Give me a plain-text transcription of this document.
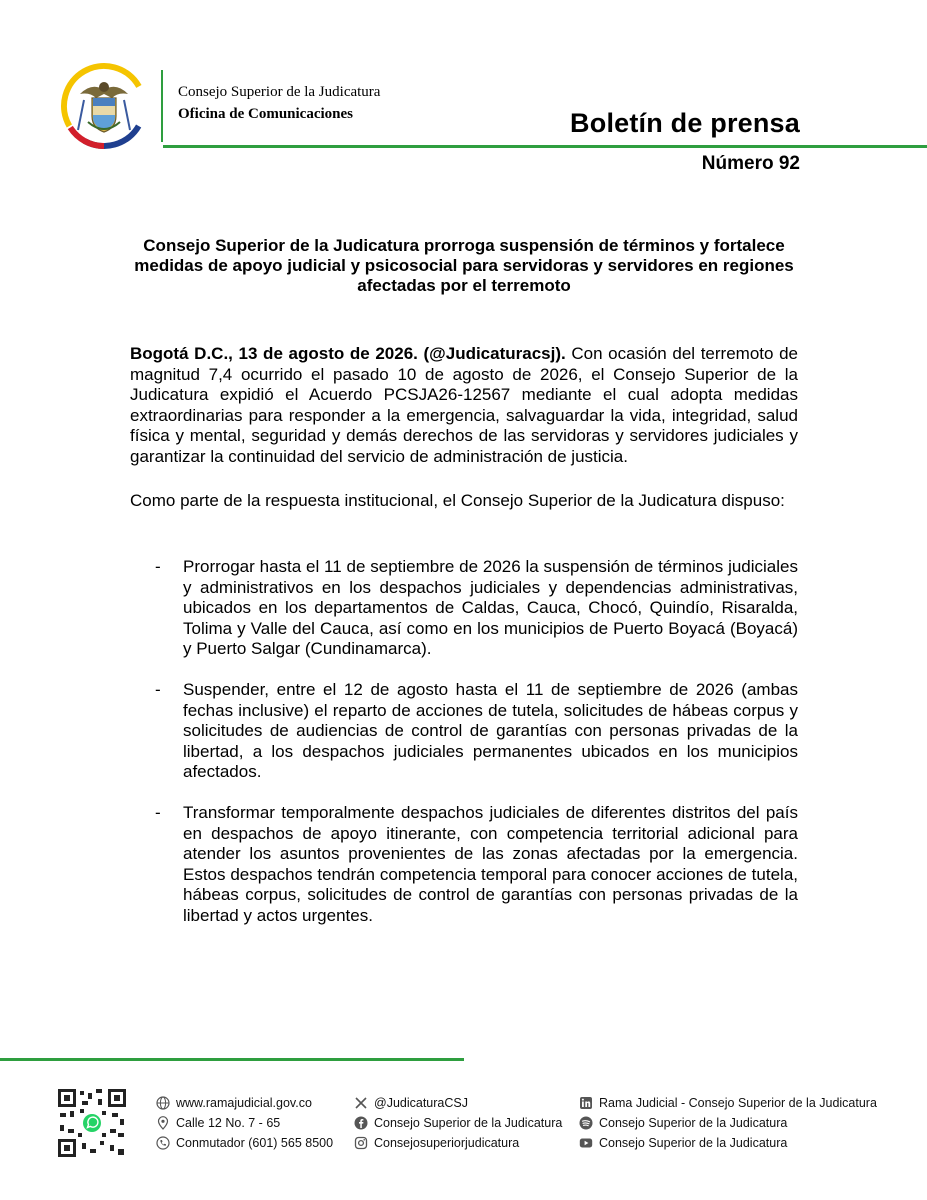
Consejo Superior de la Judicatura
Oficina de Comunicaciones	Boletín de prensa
Número 92
Consejo Superior de la Judicatura prorroga suspensión de términos y fortalece medidas de apoyo judicial y psicosocial para servidoras y servidores en regiones afectadas por el terremoto
Bogotá D.C., 13 de agosto de 2026. (@Judicaturacsj). Con ocasión del terremoto de magnitud 7,4 ocurrido el pasado 10 de agosto de 2026, el Consejo Superior de la Judicatura expidió el Acuerdo PCSJA26-12567 mediante el cual adopta medidas extraordinarias para responder a la emergencia, salvaguardar la vida, integridad, salud física y mental, seguridad y demás derechos de las servidoras y servidores judiciales y garantizar la continuidad del servicio de administración de justicia.
Como parte de la respuesta institucional, el Consejo Superior de la Judicatura dispuso:
- Prorrogar hasta el 11 de septiembre de 2026 la suspensión de términos judiciales y administrativos en los despachos judiciales y dependencias administrativas, ubicados en los departamentos de Caldas, Cauca, Chocó, Quindío, Risaralda, Tolima y Valle del Cauca, así como en los municipios de Puerto Boyacá (Boyacá) y Puerto Salgar (Cundinamarca).
- Suspender, entre el 12 de agosto hasta el 11 de septiembre de 2026 (ambas fechas inclusive) el reparto de acciones de tutela, solicitudes de hábeas corpus y solicitudes de audiencias de control de garantías con personas privadas de la libertad, a los despachos judiciales permanentes ubicados en los municipios afectados.
- Transformar temporalmente despachos judiciales de diferentes distritos del país en despachos de apoyo itinerante, con competencia territorial adicional para atender los asuntos provenientes de las zonas afectadas por la emergencia. Estos despachos tendrán competencia temporal para conocer acciones de tutela, hábeas corpus, solicitudes de control de garantías con personas privadas de la libertad y actos urgentes.
www.ramajudicial.gov.co
Calle 12 No. 7 - 65
Conmutador (601) 565 8500
@JudicaturaCSJ
Consejo Superior de la Judicatura
Consejosuperiorjudicatura
Rama Judicial - Consejo Superior de la Judicatura
Consejo Superior de la Judicatura
Consejo Superior de la Judicatura
